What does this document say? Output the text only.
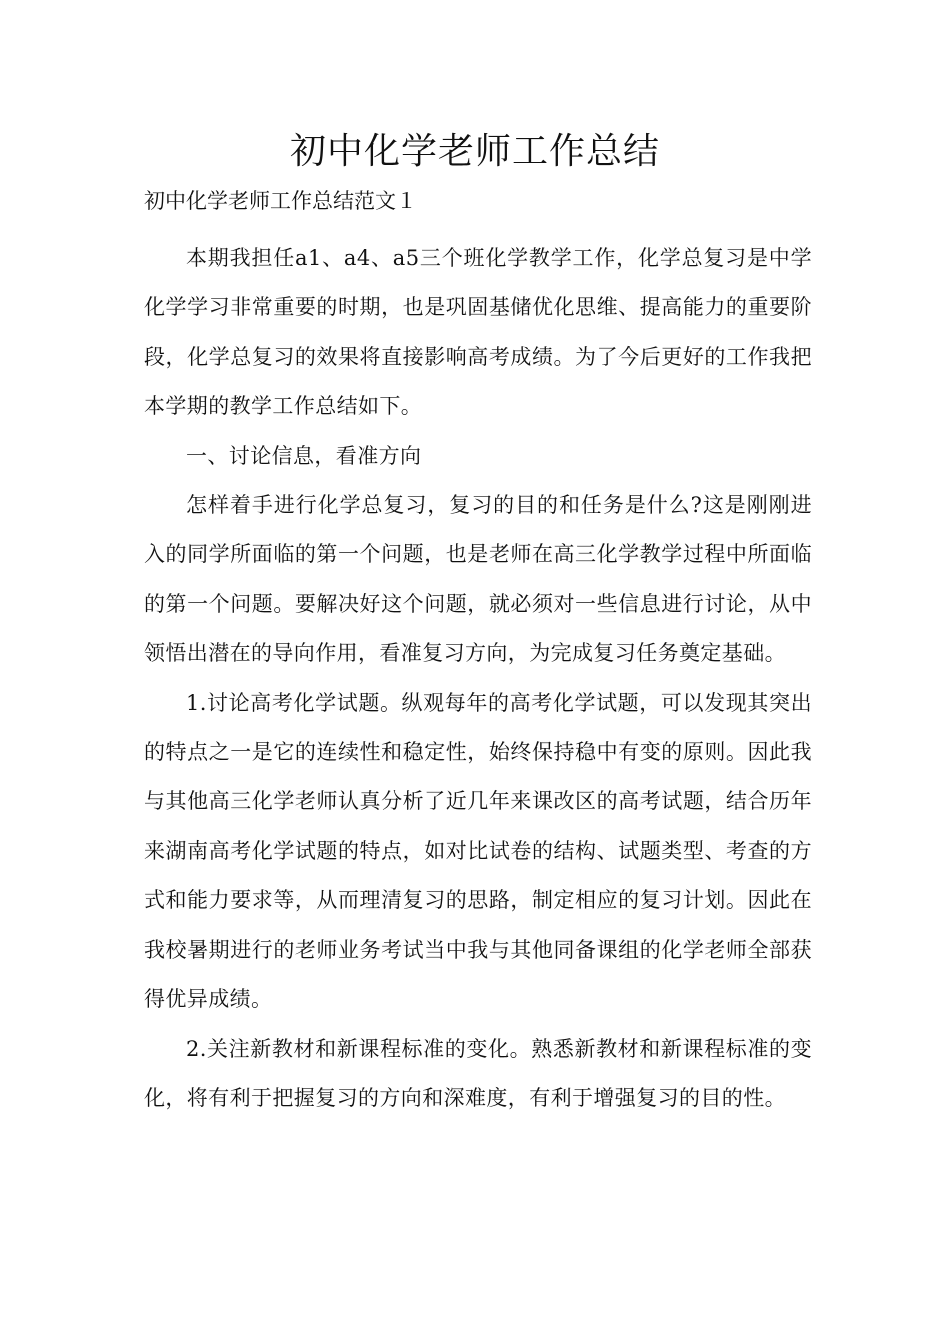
初中化学老师工作总结

初中化学老师工作总结范文１

本期我担任a1、a4、a5三个班化学教学工作，化学总复习是中学化学学习非常重要的时期，也是巩固基储优化思维、提高能力的重要阶段，化学总复习的效果将直接影响高考成绩。为了今后更好的工作我把本学期的教学工作总结如下。

一、讨论信息，看准方向

怎样着手进行化学总复习，复习的目的和任务是什么?这是刚刚进入的同学所面临的第一个问题，也是老师在高三化学教学过程中所面临的第一个问题。要解决好这个问题，就必须对一些信息进行讨论，从中领悟出潜在的导向作用，看准复习方向，为完成复习任务奠定基础。

1.讨论高考化学试题。纵观每年的高考化学试题，可以发现其突出的特点之一是它的连续性和稳定性，始终保持稳中有变的原则。因此我与其他高三化学老师认真分析了近几年来课改区的高考试题，结合历年来湖南高考化学试题的特点，如对比试卷的结构、试题类型、考查的方式和能力要求等，从而理清复习的思路，制定相应的复习计划。因此在我校暑期进行的老师业务考试当中我与其他同备课组的化学老师全部获得优异成绩。

2.关注新教材和新课程标准的变化。熟悉新教材和新课程标准的变化，将有利于把握复习的方向和深难度，有利于增强复习的目的性。
